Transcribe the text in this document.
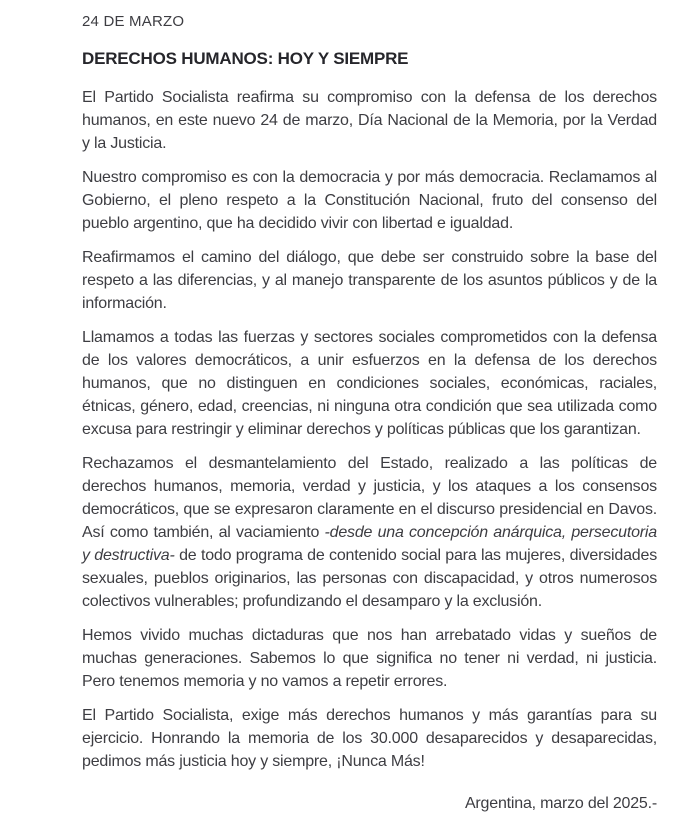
24 DE MARZO
DERECHOS HUMANOS: HOY Y SIEMPRE

El Partido Socialista reafirma su compromiso con la defensa de los derechos humanos, en este nuevo 24 de marzo, Día Nacional de la Memoria, por la Verdad y la Justicia.

Nuestro compromiso es con la democracia y por más democracia. Reclamamos al Gobierno, el pleno respeto a la Constitución Nacional, fruto del consenso del pueblo argentino, que ha decidido vivir con libertad e igualdad.

Reafirmamos el camino del diálogo, que debe ser construido sobre la base del respeto a las diferencias, y al manejo transparente de los asuntos públicos y de la información.

Llamamos a todas las fuerzas y sectores sociales comprometidos con la defensa de los valores democráticos, a unir esfuerzos en la defensa de los derechos humanos, que no distinguen en condiciones sociales, económicas, raciales, étnicas, género, edad, creencias, ni ninguna otra condición que sea utilizada como excusa para restringir y eliminar derechos y políticas públicas que los garantizan.

Rechazamos el desmantelamiento del Estado, realizado a las políticas de derechos humanos, memoria, verdad y justicia, y los ataques a los consensos democráticos, que se expresaron claramente en el discurso presidencial en Davos. Así como también, al vaciamiento -desde una concepción anárquica, persecutoria y destructiva- de todo programa de contenido social para las mujeres, diversidades sexuales, pueblos originarios, las personas con discapacidad, y otros numerosos colectivos vulnerables; profundizando el desamparo y la exclusión.

Hemos vivido muchas dictaduras que nos han arrebatado vidas y sueños de muchas generaciones. Sabemos lo que significa no tener ni verdad, ni justicia. Pero tenemos memoria y no vamos a repetir errores.

El Partido Socialista, exige más derechos humanos y más garantías para su ejercicio. Honrando la memoria de los 30.000 desaparecidos y desaparecidas, pedimos más justicia hoy y siempre, ¡Nunca Más!

Argentina, marzo del 2025.-
